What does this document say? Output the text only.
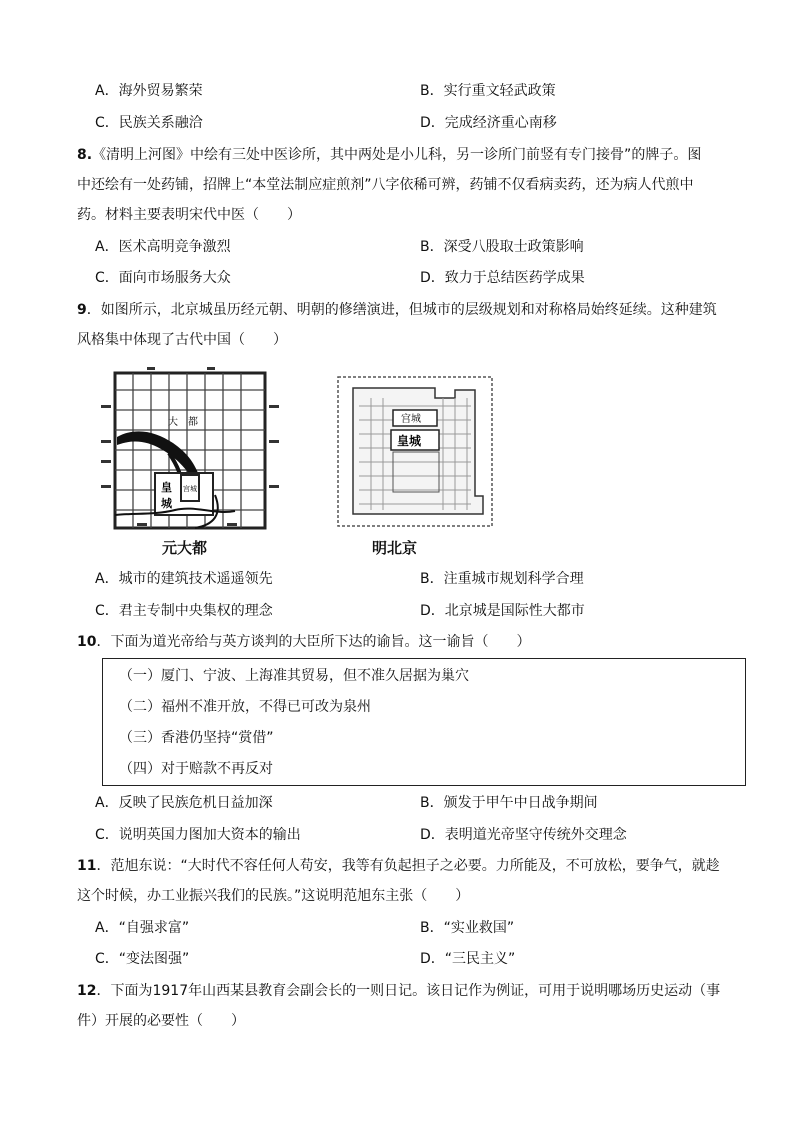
A．海外贸易繁荣	B．实行重文轻武政策
C．民族关系融洽	D．完成经济重心南移
8.《清明上河图》中绘有三处中医诊所，其中两处是小儿科，另一诊所门前竖有专门接骨”的牌子。图
中还绘有一处药铺，招牌上“本堂法制应症煎剂”八字依稀可辨，药铺不仅看病卖药，还为病人代煎中
药。材料主要表明宋代中医（　　）
A．医术高明竞争激烈	B．深受八股取士政策影响
C．面向市场服务大众	D．致力于总结医药学成果
9．如图所示，北京城虽历经元朝、明朝的修缮演进，但城市的层级规划和对称格局始终延续。这种建筑
风格集中体现了古代中国（　　）
大　都
皇
城
宫城
元大都
宫城
皇城
明北京
A．城市的建筑技术遥遥领先	B．注重城市规划科学合理
C．君主专制中央集权的理念	D．北京城是国际性大都市
10．下面为道光帝给与英方谈判的大臣所下达的谕旨。这一谕旨（　　）
（一）厦门、宁波、上海准其贸易，但不准久居据为巢穴
（二）福州不准开放，不得已可改为泉州
（三）香港仍坚持“赏借”
（四）对于赔款不再反对
A．反映了民族危机日益加深	B．颁发于甲午中日战争期间
C．说明英国力图加大资本的输出	D．表明道光帝坚守传统外交理念
11．范旭东说：“大时代不容任何人苟安，我等有负起担子之必要。力所能及，不可放松，要争气，就趁
这个时候，办工业振兴我们的民族。”这说明范旭东主张（　　）
A．“自强求富”	B．“实业救国”
C．“变法图强”	D．“三民主义”
12．下面为1917年山西某县教育会副会长的一则日记。该日记作为例证，可用于说明哪场历史运动（事
件）开展的必要性（　　）
